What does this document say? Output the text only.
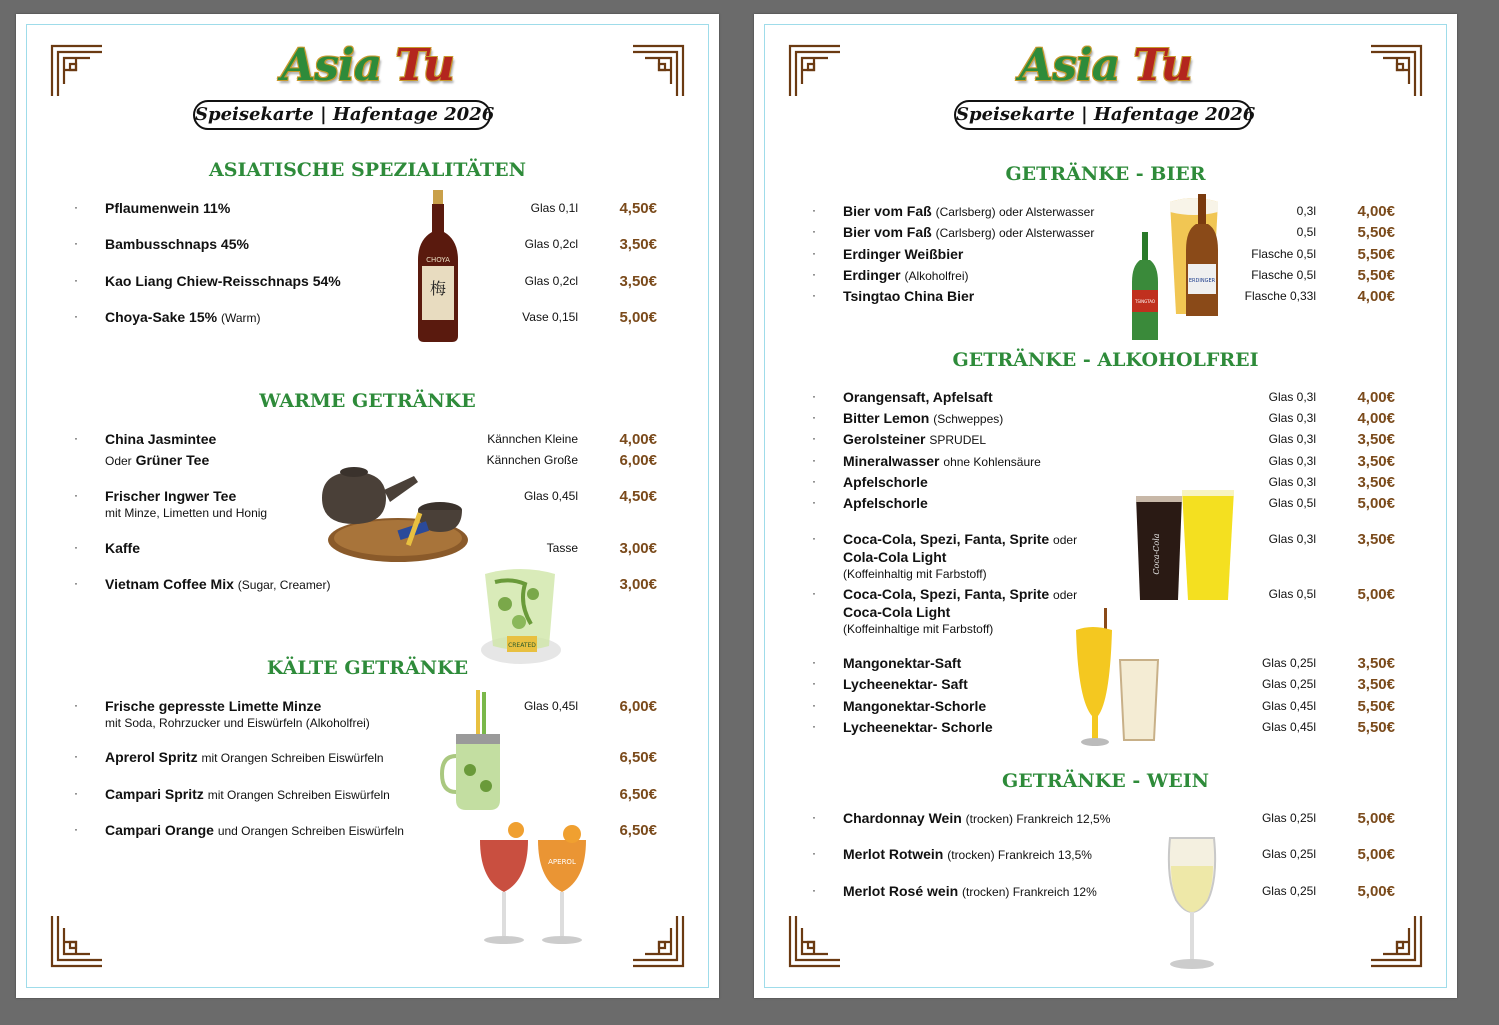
Asia Tu
Speisekarte | Hafentage 2026
ASIATISCHE SPEZIALITÄTEN
· Pflaumenwein 11%	Glas 0,1l	4,50€
· Bambusschnaps 45%	Glas 0,2cl	3,50€
· Kao Liang Chiew-Reisschnaps 54%	Glas 0,2cl	3,50€
· Choya-Sake 15% (Warm)	Vase 0,15l	5,00€
CHOYA
梅
WARME GETRÄNKE
· China Jasmintee	Kännchen Kleine	4,00€
Oder Grüner Tee	Kännchen Große	6,00€
· Frischer Ingwer Tee	Glas 0,45l	4,50€
mit Minze, Limetten und Honig
· Kaffe	Tasse	3,00€
· Vietnam Coffee Mix (Sugar, Creamer)	3,00€
CREATED
KÄLTE GETRÄNKE
· Frische gepresste Limette Minze	Glas 0,45l	6,00€
mit Soda, Rohrzucker und Eiswürfeln (Alkoholfrei)
· Aprerol Spritz mit Orangen Schreiben Eiswürfeln	6,50€
· Campari Spritz mit Orangen Schreiben Eiswürfeln	6,50€
· Campari Orange und Orangen Schreiben Eiswürfeln	6,50€
APEROL
Asia Tu
Speisekarte | Hafentage 2026
GETRÄNKE - BIER
· Bier vom Faß (Carlsberg) oder Alsterwasser	0,3l	4,00€
· Bier vom Faß (Carlsberg) oder Alsterwasser	0,5l	5,50€
· Erdinger Weißbier	Flasche 0,5l	5,50€
· Erdinger (Alkoholfrei)	Flasche 0,5l	5,50€
· Tsingtao China Bier	Flasche 0,33l	4,00€
ERDINGER
TSINGTAO
GETRÄNKE - ALKOHOLFREI
· Orangensaft, Apfelsaft	Glas 0,3l	4,00€
· Bitter Lemon (Schweppes)	Glas 0,3l	4,00€
· Gerolsteiner SPRUDEL	Glas 0,3l	3,50€
· Mineralwasser ohne Kohlensäure	Glas 0,3l	3,50€
· Apfelschorle	Glas 0,3l	3,50€
· Apfelschorle	Glas 0,5l	5,00€
· Coca-Cola, Spezi, Fanta, Sprite oder	Glas 0,3l	3,50€
Cola-Cola Light
(Koffeinhaltig mit Farbstoff)
· Coca-Cola, Spezi, Fanta, Sprite oder	Glas 0,5l	5,00€
Coca-Cola Light
(Koffeinhaltige mit Farbstoff)
· Mangonektar-Saft	Glas 0,25l	3,50€
· Lycheenektar- Saft	Glas 0,25l	3,50€
· Mangonektar-Schorle	Glas 0,45l	5,50€
· Lycheenektar- Schorle	Glas 0,45l	5,50€
Coca-Cola
GETRÄNKE - WEIN
· Chardonnay Wein (trocken) Frankreich 12,5%	Glas 0,25l	5,00€
· Merlot Rotwein (trocken) Frankreich 13,5%	Glas 0,25l	5,00€
· Merlot Rosé wein (trocken) Frankreich 12%	Glas 0,25l	5,00€
